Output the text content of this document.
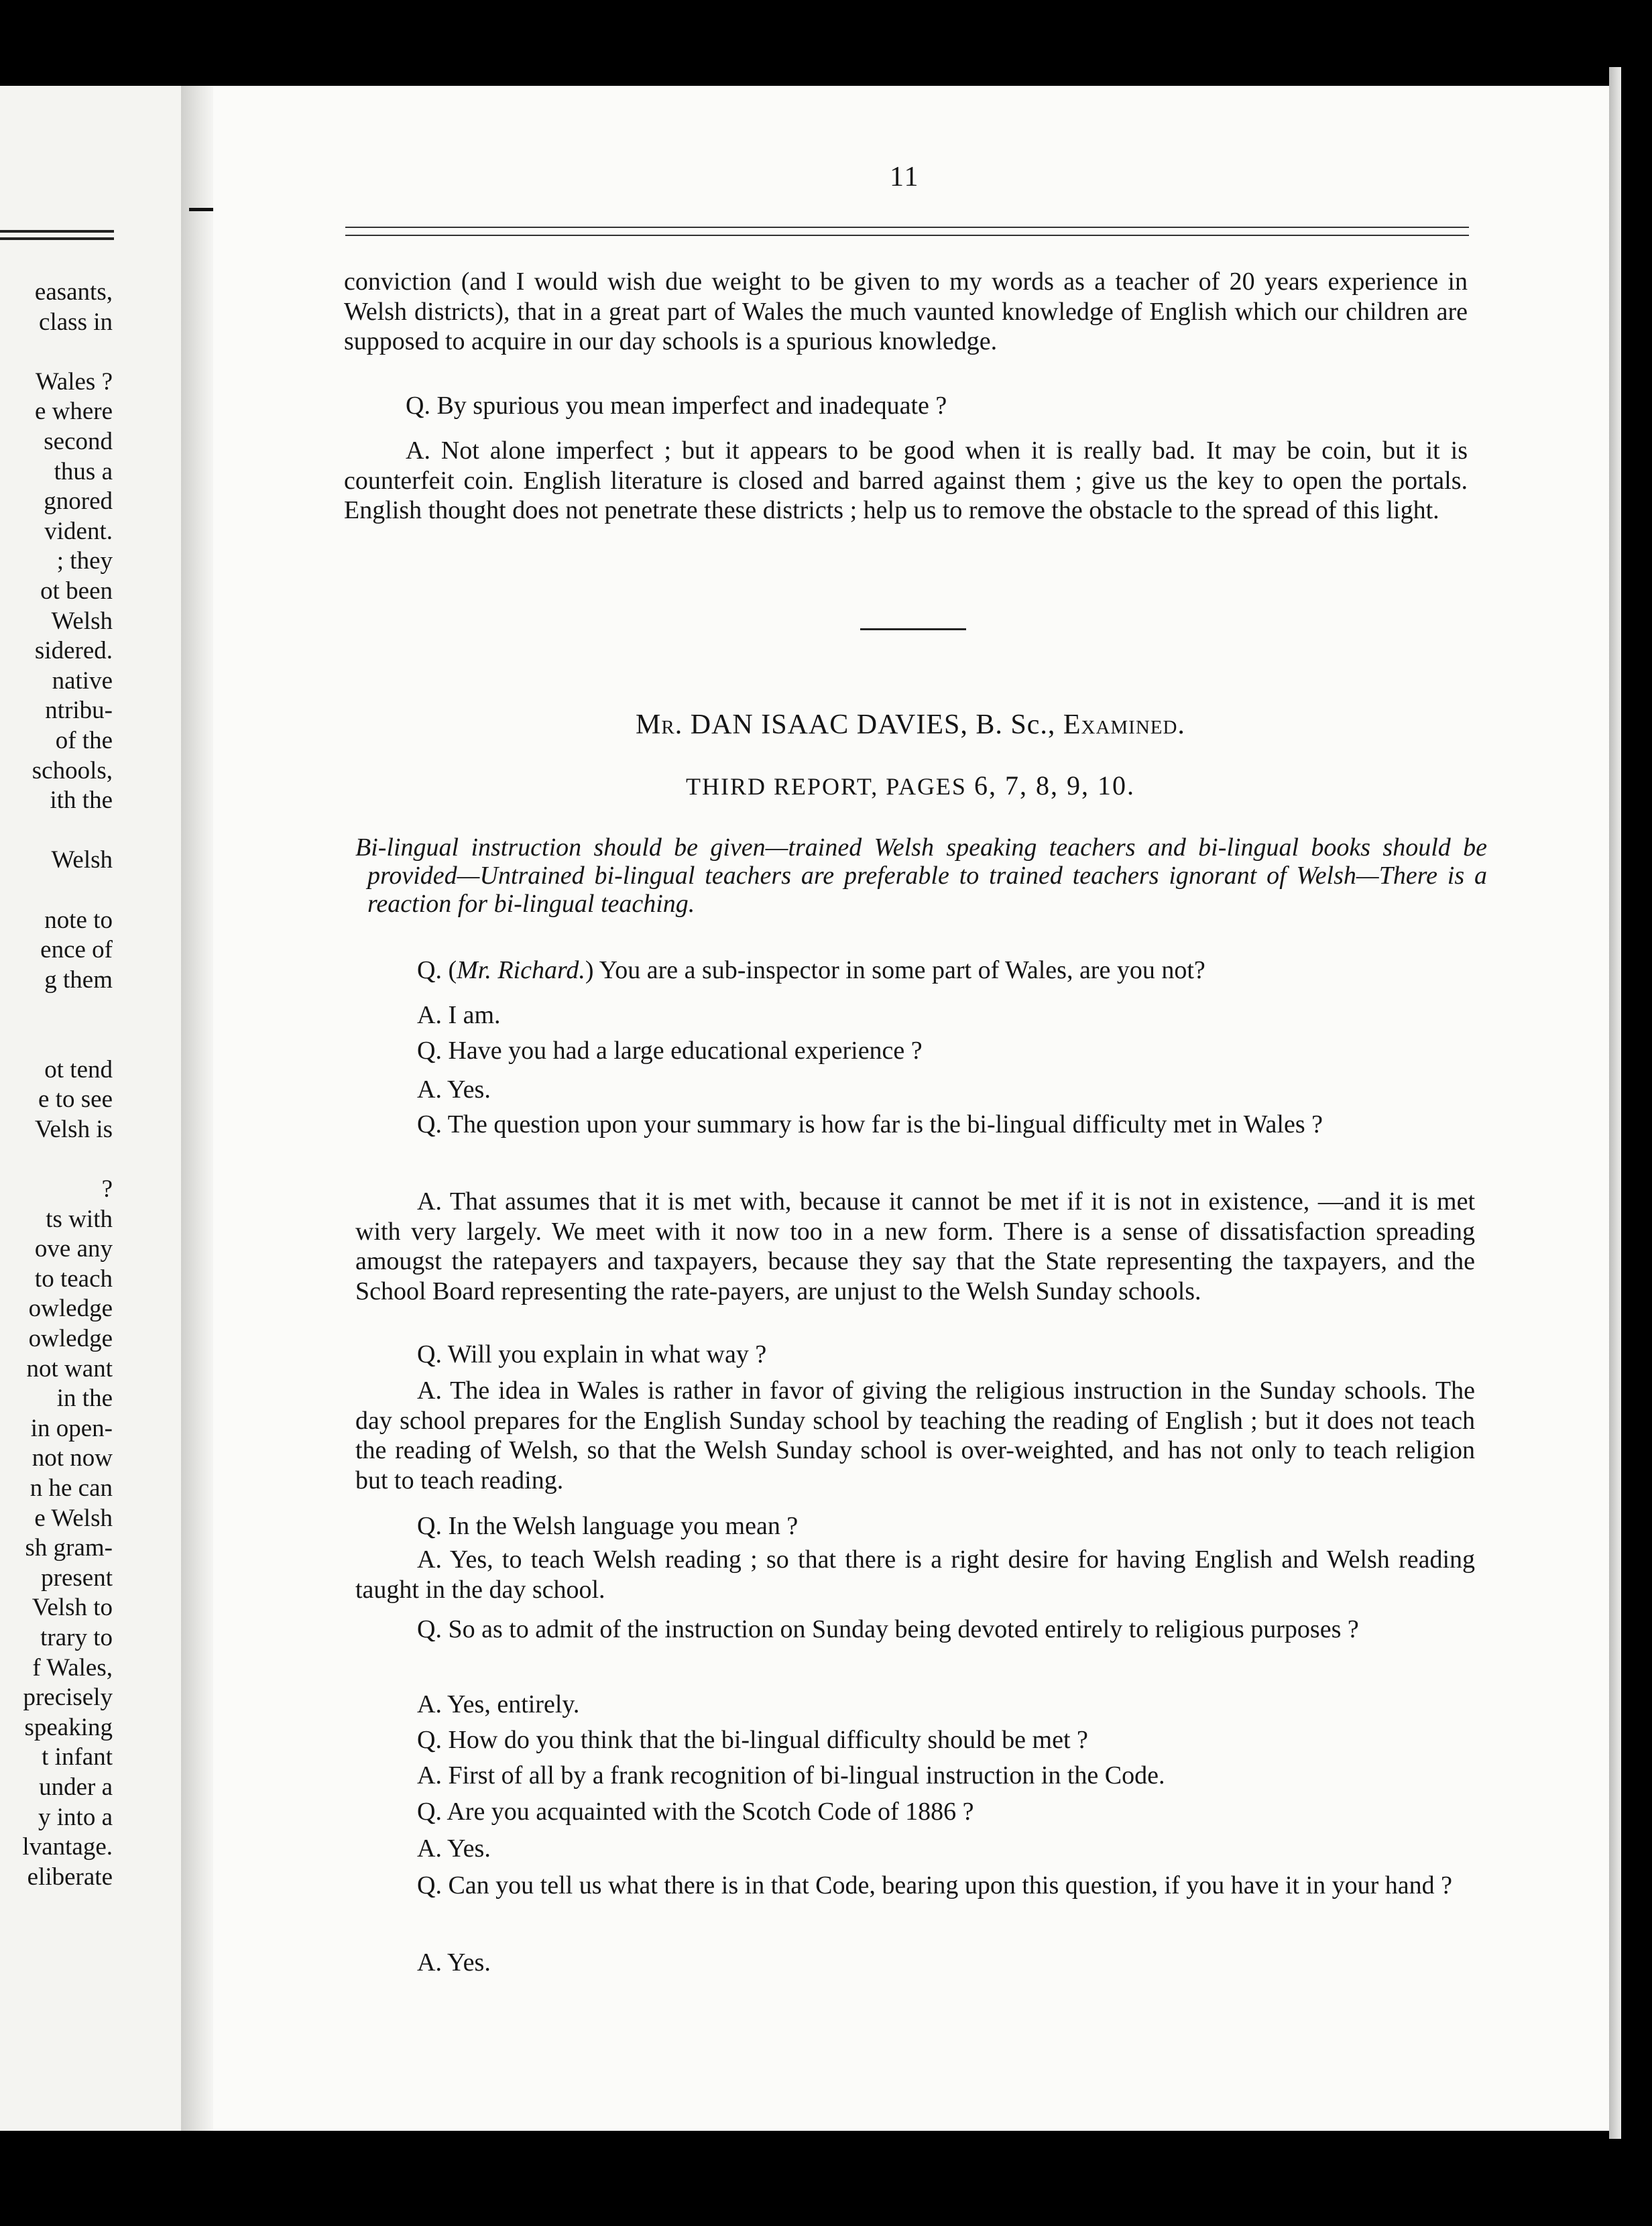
easants,
class in
Wales ?
e where
second
thus a
gnored
vident.
; they
ot been
Welsh
sidered.
native
ntribu-
of the
schools,
ith the
Welsh
note to
ence of
g them
ot tend
e to see
Velsh is
?
ts with
ove any
to teach
owledge
owledge
not want
in the
in open-
not now
n he can
e Welsh
sh gram-
present
Velsh to
trary to
f Wales,
precisely
speaking
t infant
under a
y into a
lvantage.
eliberate
11

conviction (and I would wish due weight to be given to my words as a teacher of 20 years experience in Welsh districts), that in a great part of Wales the much vaunted knowledge of English which our children are supposed to acquire in our day schools is a spurious knowledge.

Q. By spurious you mean imperfect and inadequate ?

A. Not alone imperfect ; but it appears to be good when it is really bad. It may be coin, but it is counterfeit coin. English literature is closed and barred against them ; give us the key to open the portals. English thought does not penetrate these districts ; help us to remove the obstacle to the spread of this light.

Mr. DAN ISAAC DAVIES, B. Sc., Examined.
THIRD REPORT, PAGES 6, 7, 8, 9, 10.

Bi-lingual instruction should be given—trained Welsh speaking teachers and bi-lingual books should be provided—Untrained bi-lingual teachers are preferable to trained teachers ignorant of Welsh—There is a reaction for bi-lingual teaching.

Q. (Mr. Richard.) You are a sub-inspector in some part of Wales, are you not?

A. I am.

Q. Have you had a large educational experience ?

A. Yes.

Q. The question upon your summary is how far is the bi-lingual difficulty met in Wales ?

A. That assumes that it is met with, because it cannot be met if it is not in existence, —and it is met with very largely. We meet with it now too in a new form. There is a sense of dissatisfaction spreading amougst the ratepayers and taxpayers, because they say that the State representing the taxpayers, and the School Board representing the rate-payers, are unjust to the Welsh Sunday schools.

Q. Will you explain in what way ?

A. The idea in Wales is rather in favor of giving the religious instruction in the Sunday schools. The day school prepares for the English Sunday school by teaching the reading of English ; but it does not teach the reading of Welsh, so that the Welsh Sunday school is over-weighted, and has not only to teach religion but to teach reading.

Q. In the Welsh language you mean ?

A. Yes, to teach Welsh reading ; so that there is a right desire for having English and Welsh reading taught in the day school.

Q. So as to admit of the instruction on Sunday being devoted entirely to religious purposes ?

A. Yes, entirely.

Q. How do you think that the bi-lingual difficulty should be met ?

A. First of all by a frank recognition of bi-lingual instruction in the Code.

Q. Are you acquainted with the Scotch Code of 1886 ?

A. Yes.

Q. Can you tell us what there is in that Code, bearing upon this question, if you have it in your hand ?

A. Yes.
